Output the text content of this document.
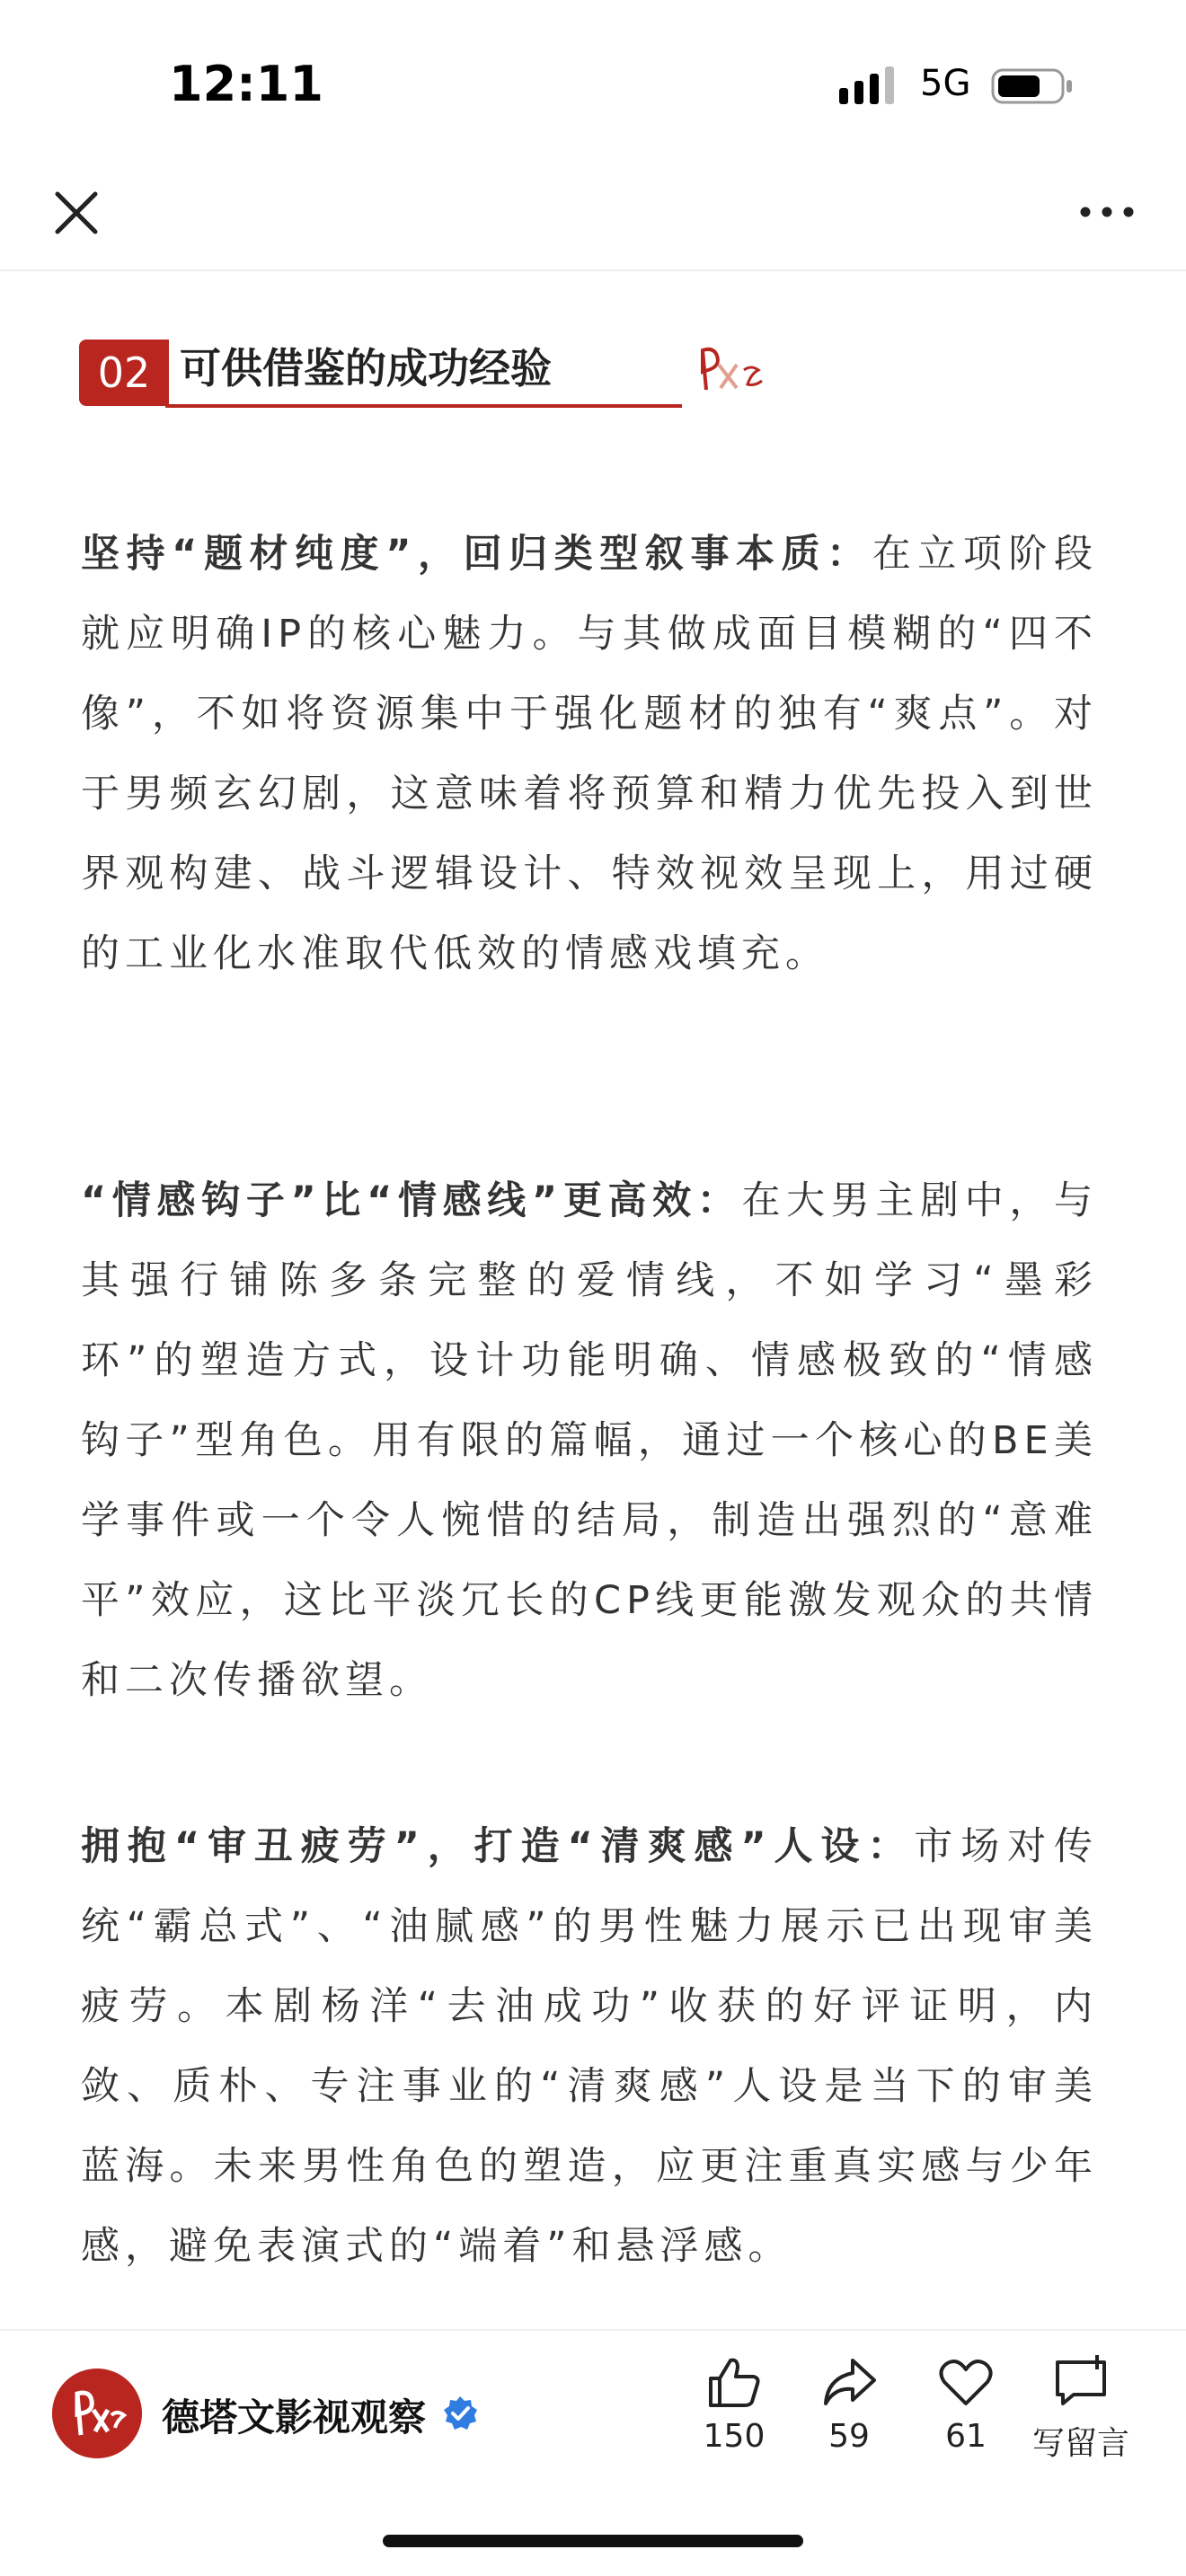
12:11	5G
02 可供借鉴的成功经验

坚持“题材纯度”，回归类型叙事本质：在立项阶段就应明确IP的核心魅力。与其做成面目模糊的“四不像”，不如将资源集中于强化题材的独有“爽点”。对于男频玄幻剧，这意味着将预算和精力优先投入到世界观构建、战斗逻辑设计、特效视效呈现上，用过硬的工业化水准取代低效的情感戏填充。

“情感钩子”比“情感线”更高效：在大男主剧中，与其强行铺陈多条完整的爱情线，不如学习“墨彩环”的塑造方式，设计功能明确、情感极致的“情感钩子”型角色。用有限的篇幅，通过一个核心的BE美学事件或一个令人惋惜的结局，制造出强烈的“意难平”效应，这比平淡冗长的CP线更能激发观众的共情和二次传播欲望。

拥抱“审丑疲劳”，打造“清爽感”人设：市场对传统“霸总式”、“油腻感”的男性魅力展示已出现审美疲劳。本剧杨洋“去油成功”收获的好评证明，内敛、质朴、专注事业的“清爽感”人设是当下的审美蓝海。未来男性角色的塑造，应更注重真实感与少年感，避免表演式的“端着”和悬浮感。

德塔文影视观察	150	59	61	写留言
